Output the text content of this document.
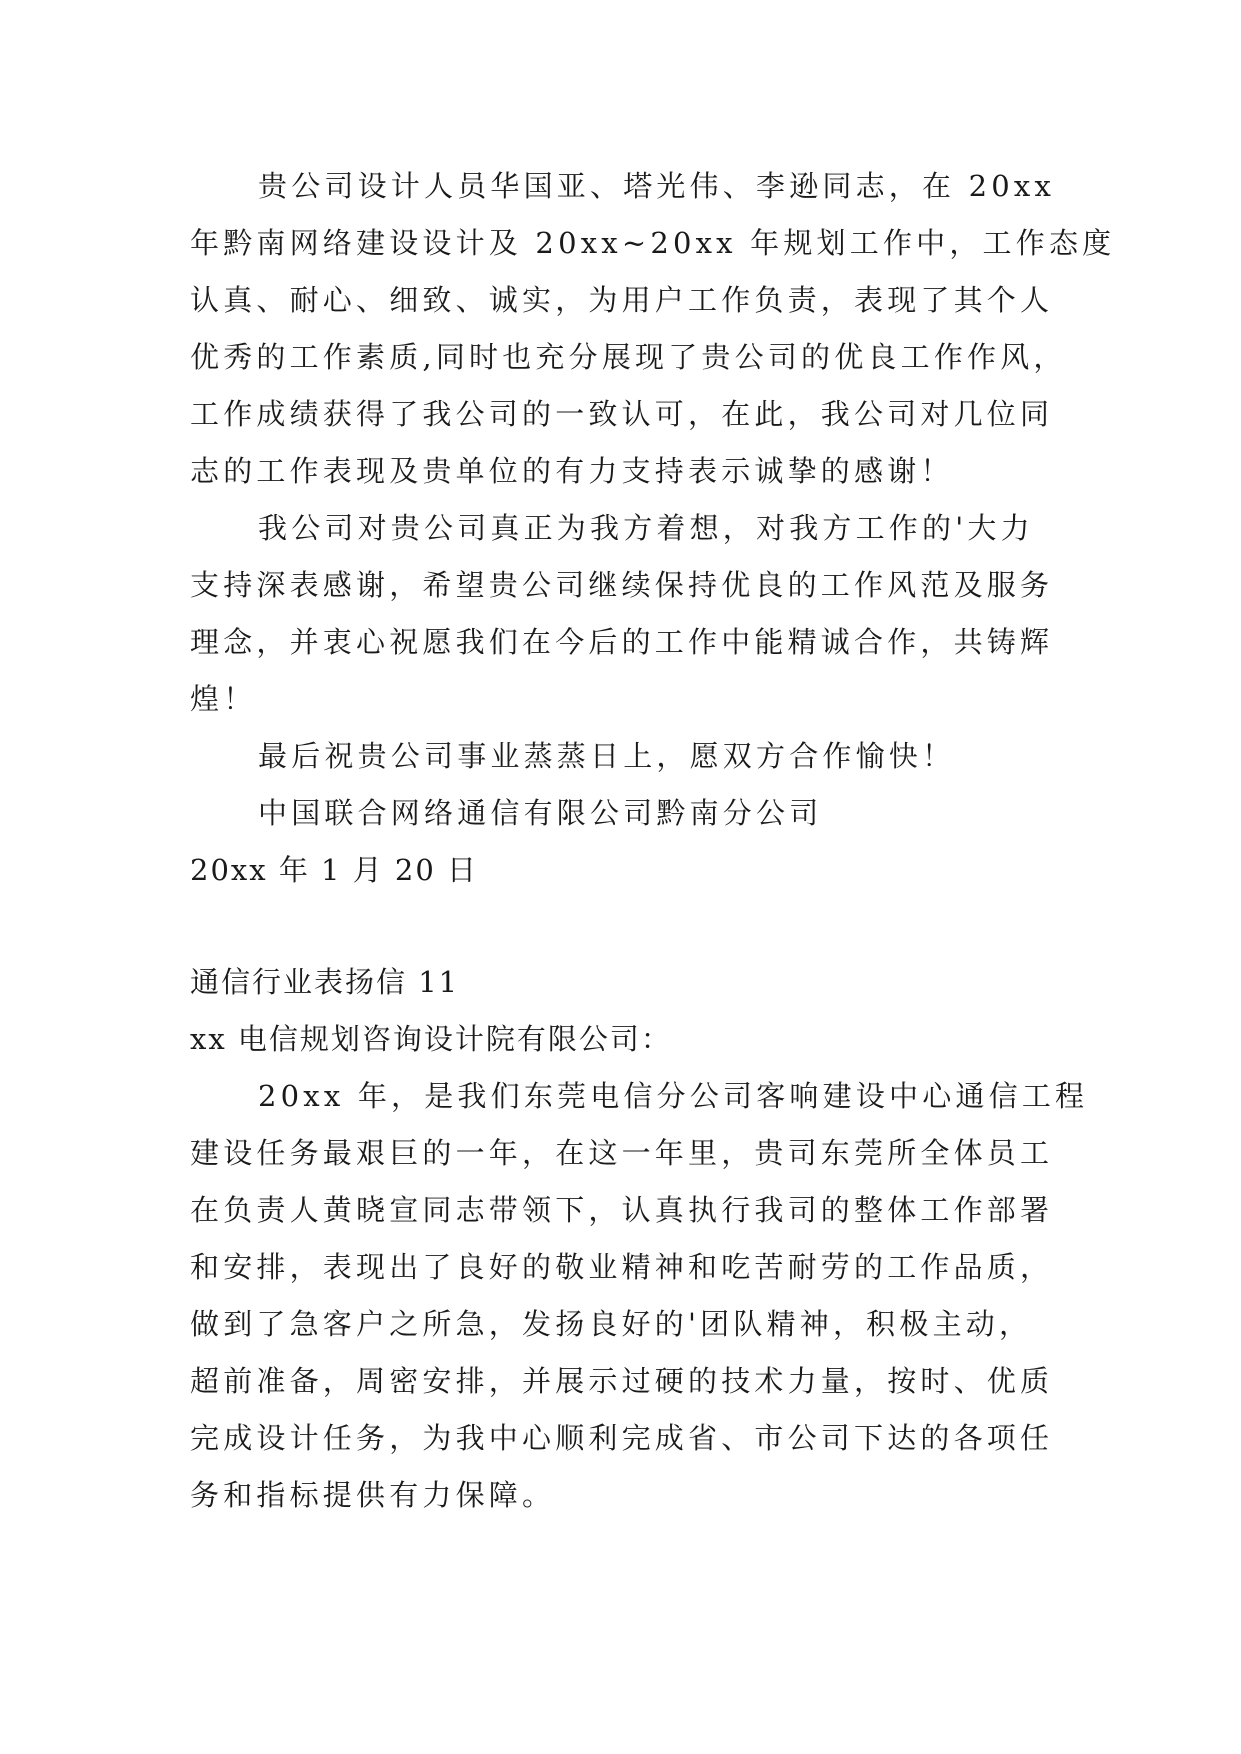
贵公司设计人员华国亚、塔光伟、李逊同志，在 20xx
年黔南网络建设设计及 20xx~20xx 年规划工作中，工作态度
认真、耐心、细致、诚实，为用户工作负责，表现了其个人
优秀的工作素质,同时也充分展现了贵公司的优良工作作风，
工作成绩获得了我公司的一致认可，在此，我公司对几位同
志的工作表现及贵单位的有力支持表示诚挚的感谢！
我公司对贵公司真正为我方着想，对我方工作的'大力
支持深表感谢，希望贵公司继续保持优良的工作风范及服务
理念，并衷心祝愿我们在今后的工作中能精诚合作，共铸辉
煌！
最后祝贵公司事业蒸蒸日上，愿双方合作愉快！
中国联合网络通信有限公司黔南分公司
20xx 年 1 月 20 日
通信行业表扬信 11
xx 电信规划咨询设计院有限公司：
20xx 年，是我们东莞电信分公司客响建设中心通信工程
建设任务最艰巨的一年，在这一年里，贵司东莞所全体员工
在负责人黄晓宣同志带领下，认真执行我司的整体工作部署
和安排，表现出了良好的敬业精神和吃苦耐劳的工作品质，
做到了急客户之所急，发扬良好的'团队精神，积极主动，
超前准备，周密安排，并展示过硬的技术力量，按时、优质
完成设计任务，为我中心顺利完成省、市公司下达的各项任
务和指标提供有力保障。
